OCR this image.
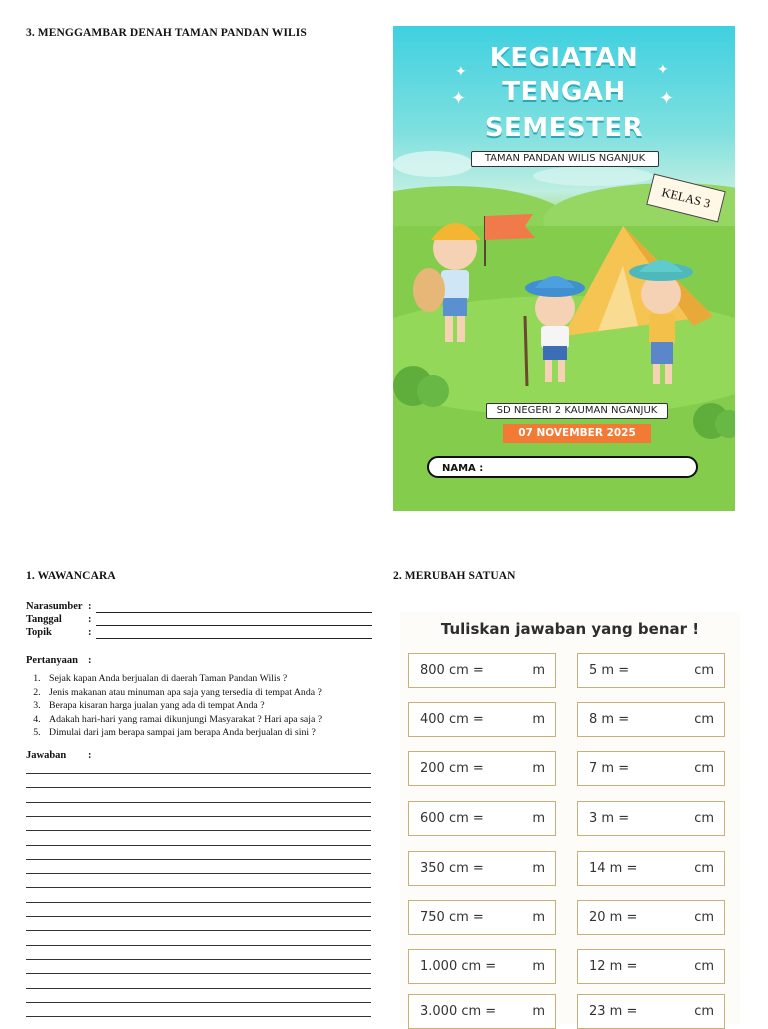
3. MENGGAMBAR DENAH TAMAN PANDAN WILIS
✦
✦
✦
✦
KEGIATAN
TENGAH
SEMESTER
TAMAN PANDAN WILIS NGANJUK
KELAS 3
SD NEGERI 2 KAUMAN NGANJUK
07 NOVEMBER 2025
NAMA :
1. WAWANCARA
Narasumber :
Tanggal :
Topik	:
Pertanyaan :
1. Sejak kapan Anda berjualan di daerah Taman Pandan Wilis ?
2. Jenis makanan atau minuman apa saja yang tersedia di tempat Anda ?
3. Berapa kisaran harga jualan yang ada di tempat Anda ?
4. Adakah hari-hari yang ramai dikunjungi Masyarakat ? Hari apa saja ?
5. Dimulai dari jam berapa sampai jam berapa Anda berjualan di sini ?
Jawaban :
2. MERUBAH SATUAN
Tuliskan jawaban yang benar !
800 cm =	m
400 cm =	m
200 cm =	m
600 cm =	m
350 cm =	m
750 cm =	m
1.000 cm =	m
3.000 cm =	m
5 m =	cm
8 m =	cm
7 m =	cm
3 m =	cm
14 m =	cm
20 m =	cm
12 m =	cm
23 m =	cm
